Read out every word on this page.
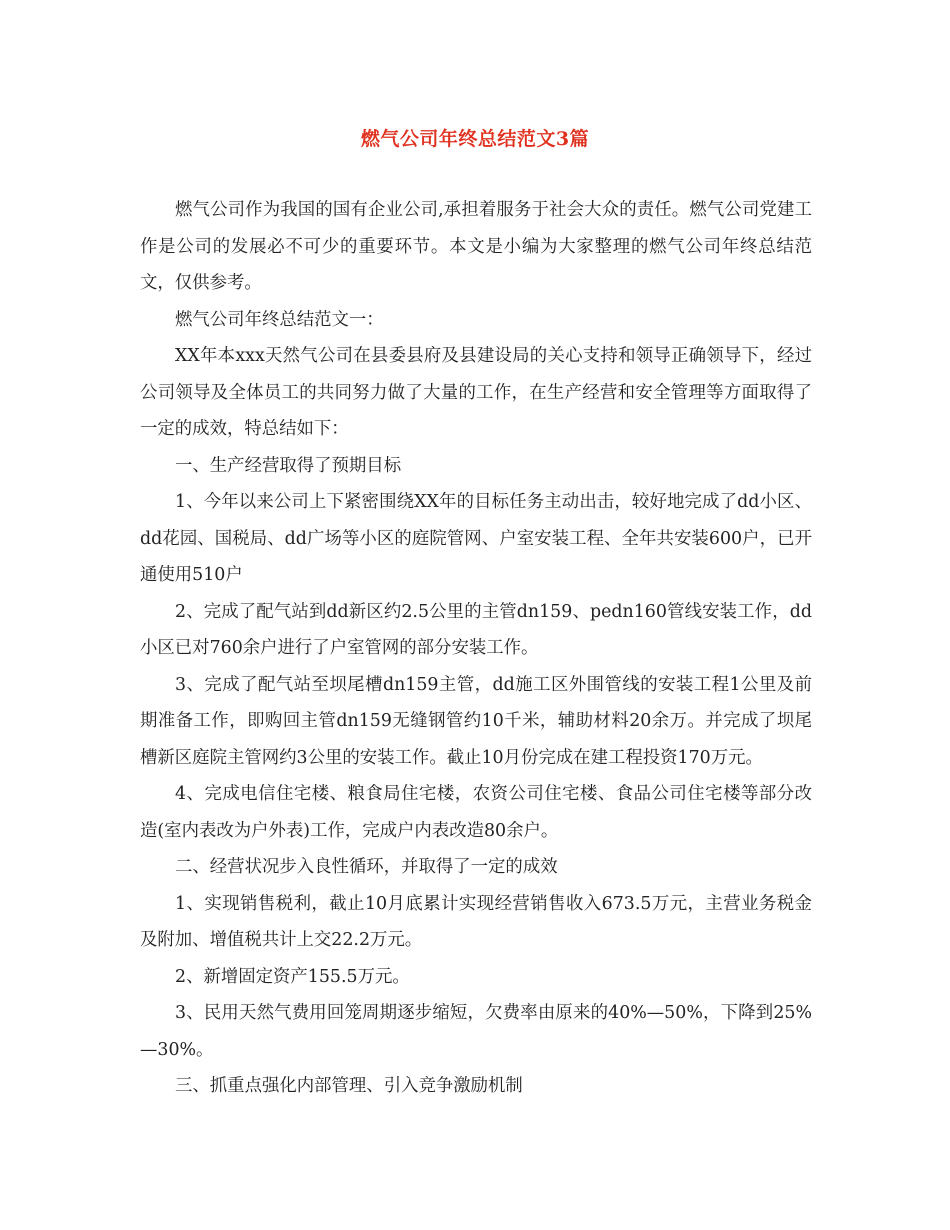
燃气公司年终总结范文3篇

燃气公司作为我国的国有企业公司,承担着服务于社会大众的责任。燃气公司党建工作是公司的发展必不可少的重要环节。本文是小编为大家整理的燃气公司年终总结范文，仅供参考。

燃气公司年终总结范文一：

XX年本xxx天然气公司在县委县府及县建设局的关心支持和领导正确领导下，经过公司领导及全体员工的共同努力做了大量的工作，在生产经营和安全管理等方面取得了一定的成效，特总结如下：

一、生产经营取得了预期目标

1、今年以来公司上下紧密围绕XX年的目标任务主动出击，较好地完成了dd小区、dd花园、国税局、dd广场等小区的庭院管网、户室安装工程、全年共安装600户，已开通使用510户

2、完成了配气站到dd新区约2.5公里的主管dn159、pedn160管线安装工作，dd小区已对760余户进行了户室管网的部分安装工作。

3、完成了配气站至坝尾槽dn159主管，dd施工区外围管线的安装工程1公里及前期准备工作，即购回主管dn159无缝钢管约10千米，辅助材料20余万。并完成了坝尾槽新区庭院主管网约3公里的安装工作。截止10月份完成在建工程投资170万元。

4、完成电信住宅楼、粮食局住宅楼，农资公司住宅楼、食品公司住宅楼等部分改造(室内表改为户外表)工作，完成户内表改造80余户。

二、经营状况步入良性循环，并取得了一定的成效

1、实现销售税利，截止10月底累计实现经营销售收入673.5万元，主营业务税金及附加、增值税共计上交22.2万元。

2、新增固定资产155.5万元。

3、民用天然气费用回笼周期逐步缩短，欠费率由原来的40%—50%，下降到25%—30%。

三、抓重点强化内部管理、引入竞争激励机制
